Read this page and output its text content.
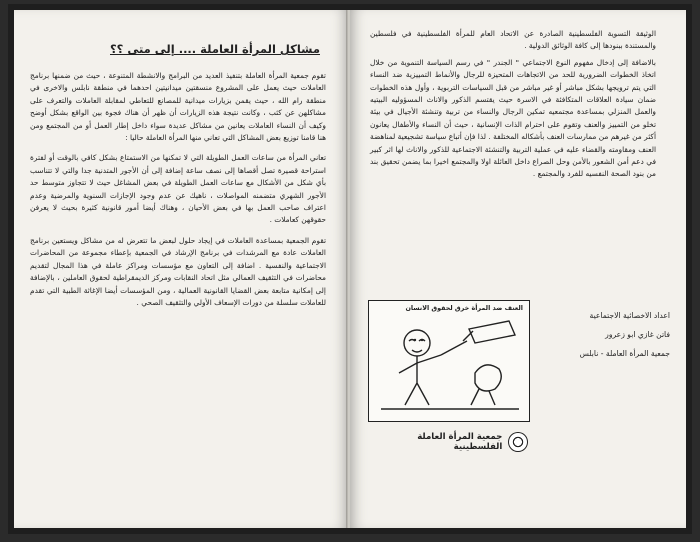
مشاكل المرأة العاملة .... إلى متى ؟؟

تقوم جمعية المرأة العاملة بتنفيذ العديد من البرامج والانشطة المتنوعة ، حيث من ضمنها برنامج العاملات حيث يعمل على المشروع منسقتين ميدانيتين احدهما في منطقة نابلس والاخرى في منطقة رام الله ، حيث يقمن بزيارات ميدانية للمصانع للتعاطي لمقابلة العاملات والتعرف على مشاكلهن عن كثب ، وكانت نتيجة هذه الزيارات أن ظهر أن هناك فجوة بين الواقع بشكل أوضح وكيف أن النساء العاملات يعانين من مشاكل عديدة سواء داخل إطار العمل أو من المجتمع ومن هنا قامنا توزيع بعض المشاكل التي تعاني منها المرأة العاملة حاليا :

تعاني المرأة من ساعات العمل الطويلة التي لا تمكنها من الاستمتاع بشكل كافي بالوقت أو لفترة استراحة قصيرة تصل أقصاها إلى نصف ساعة إضافة إلى أن الأجور المتدنية جدا والتي لا تتناسب بأي شكل من الأشكال مع ساعات العمل الطويلة في بعض المشاغل حيث لا تتجاوز متوسط حد الأجور الشهري متضمنه المواصلات ، ناهيك عن عدم وجود الإجازات السنوية والمرضية وعدم اعتراف صاحب العمل بها في بعض الأحيان ، وهناك أيضا أمور قانونية كثيرة بحيث لا يعرفن حقوقهن كعاملات .

تقوم الجمعية بمساعدة العاملات في إيجاد حلول لبعض ما تتعرض له من مشاكل ويستعين برنامج العاملات عادة مع المرشدات في برنامج الإرشاد في الجمعية بإعطاء مجموعة من المحاضرات الاجتماعية والنفسية . اضافة إلى التعاون مع مؤسسات ومراكز عاملة في هذا المجال لتقديم محاضرات في التثقيف العمالي مثل اتحاد النقابات ومركز الديمقراطية لحقوق العاملين ، بالإضافة إلى إمكانية متابعة بعض القضايا القانونية العمالية ، ومن المؤسسات أيضا الإغاثة الطبية التي تقدم للعاملات سلسلة من دورات الإسعاف الأولي والتثقيف الصحي .

الوثيقة التسوية الفلسطينية الصادرة عن الاتحاد العام للمرأة الفلسطينية في فلسطين والمستندة ببنودها إلى كافة الوثائق الدولية .

بالاضافة إلى إدخال مفهوم النوع الاجتماعي " الجندر " في رسم السياسة التنموية من خلال اتخاذ الخطوات الضرورية للحد من الاتجاهات المتحيزة للرجال والأنماط التمييزية ضد النساء التي يتم ترويجها بشكل مباشر أو غير مباشر من قبل السياسات التربوية ، وأول هذه الخطوات ضمان سيادة العلاقات المتكافئة في الاسرة حيث يقتسم الذكور والاناث المسؤوليه البيتيه والعمل المنزلي بمساعدة مجتمعيه تمكين الرجال والنساء من تربية وتنشئة الأجيال في بيئة تخلو من التمييز والعنف وتقوم على احترام الذات الإنسانية ، حيث أن النساء والأطفال يعانون أكثر من غيرهم من ممارسات العنف بأشكاله المختلفة . لذا فإن أتباع سياسة تشجيعية لمناهضة العنف ومقاومته والقضاء عليه في عملية التربية والتنشئة الاجتماعية للذكور والاناث لها اثر كبير في دعم أمن الشعور بالأمن وحل الصراع داخل العائلة اولا والمجتمع اخيرا بما يضمن تحقيق بند من بنود الصحة النفسيه للفرد والمجتمع .

اعداد الاخصائية الاجتماعية
فاتن غازي ابو زعرور
جمعية المرأة العاملة - نابلس
العنف ضد المرأة خرق لحقوق الانسان
جمعية المرأة العاملة الفلسطينية
